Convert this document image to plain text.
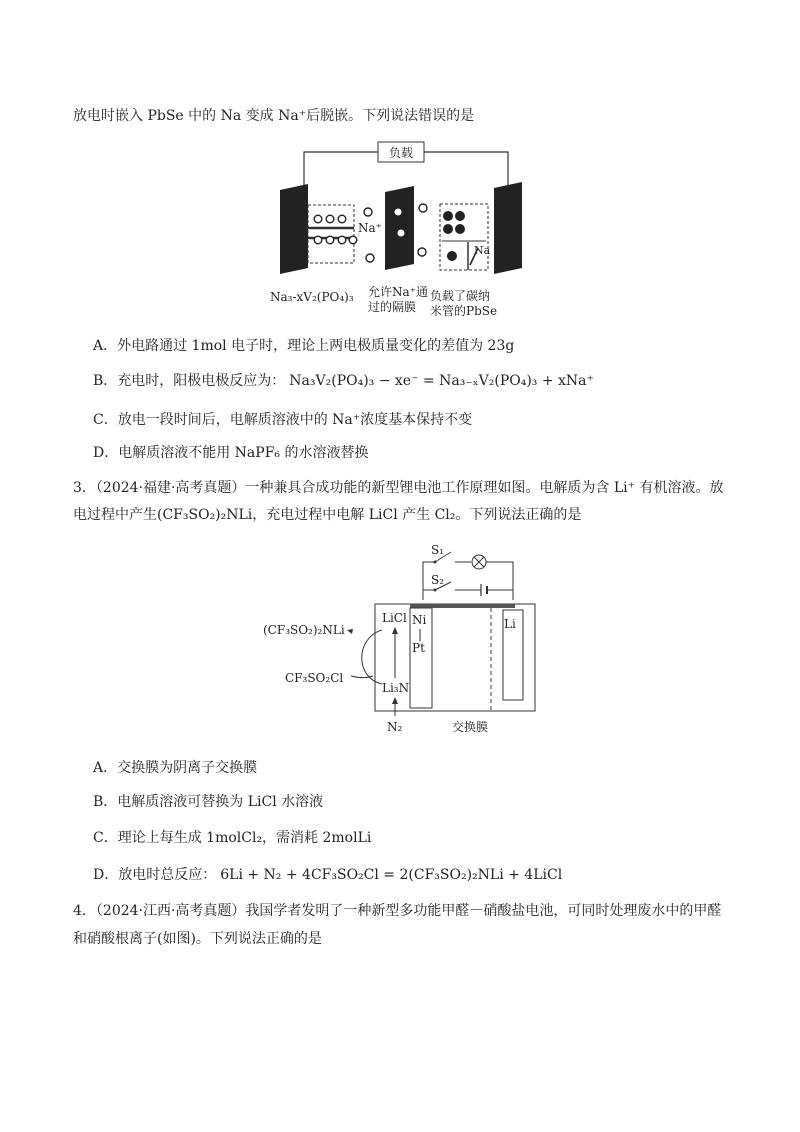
放电时嵌入 PbSe 中的 Na 变成 Na⁺后脱嵌。下列说法错误的是
负载
Na⁺
Na
Na₃-xV₂(PO₄)₃ 允许Na⁺通
过的隔膜
负载了碳纳
米管的PbSe
A．外电路通过 1mol 电子时，理论上两电极质量变化的差值为 23g
B．充电时，阳极电极反应为： Na₃V₂(PO₄)₃ − xe⁻ = Na₃₋ₓV₂(PO₄)₃ + xNa⁺
C．放电一段时间后，电解质溶液中的 Na⁺浓度基本保持不变
D．电解质溶液不能用 NaPF₆ 的水溶液替换
3．（2024·福建·高考真题）一种兼具合成功能的新型锂电池工作原理如图。电解质为含 Li⁺ 有机溶液。放
电过程中产生(CF₃SO₂)₂NLi，充电过程中电解 LiCl 产生 Cl₂。下列说法正确的是
S₁
S₂
Ni
|
Pt
Li
LiCl
Li₃N
(CF₃SO₂)₂NLi
CF₃SO₂Cl
N₂	交换膜
A．交换膜为阴离子交换膜
B．电解质溶液可替换为 LiCl 水溶液
C．理论上每生成 1molCl₂，需消耗 2molLi
D．放电时总反应： 6Li + N₂ + 4CF₃SO₂Cl = 2(CF₃SO₂)₂NLi + 4LiCl
4．（2024·江西·高考真题）我国学者发明了一种新型多功能甲醛－硝酸盐电池，可同时处理废水中的甲醛
和硝酸根离子(如图)。下列说法正确的是
